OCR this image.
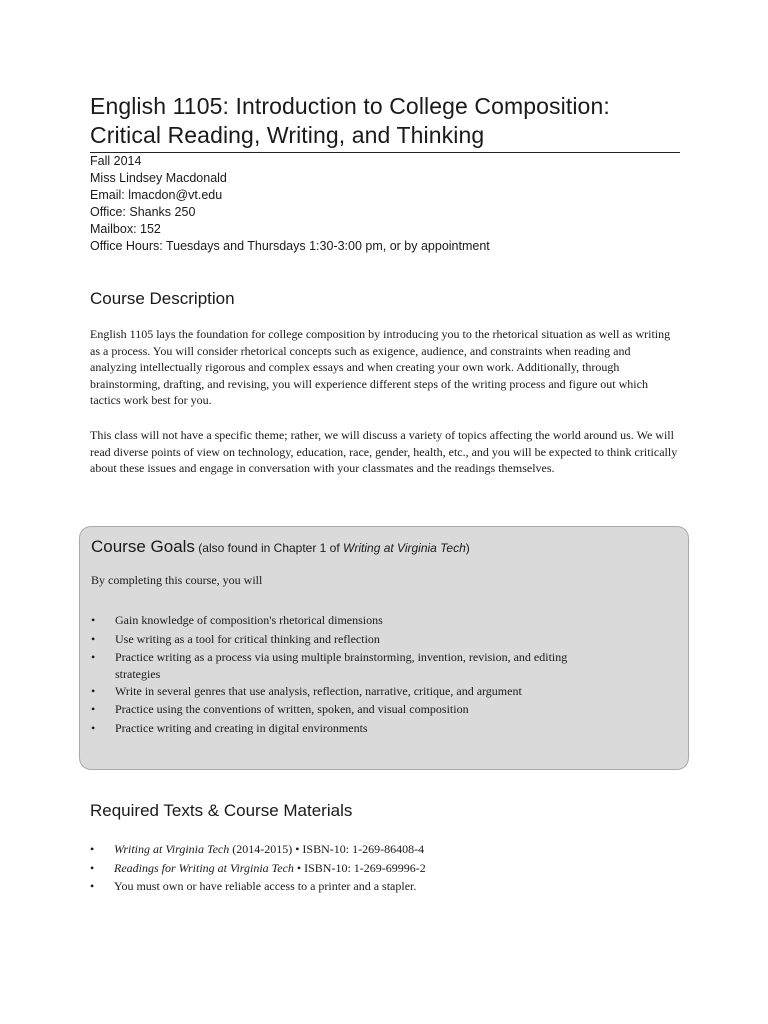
English 1105: Introduction to College Composition:
Critical Reading, Writing, and Thinking
Fall 2014
Miss Lindsey Macdonald
Email: lmacdon@vt.edu
Office: Shanks 250
Mailbox: 152
Office Hours: Tuesdays and Thursdays 1:30-3:00 pm, or by appointment
Course Description

English 1105 lays the foundation for college composition by introducing you to the rhetorical situation as well as writing as a process. You will consider rhetorical concepts such as exigence, audience, and constraints when reading and analyzing intellectually rigorous and complex essays and when creating your own work. Additionally, through brainstorming, drafting, and revising, you will experience different steps of the writing process and figure out which tactics work best for you.

This class will not have a specific theme; rather, we will discuss a variety of topics affecting the world around us. We will read diverse points of view on technology, education, race, gender, health, etc., and you will be expected to think critically about these issues and engage in conversation with your classmates and the readings themselves.

Course Goals (also found in Chapter 1 of Writing at Virginia Tech)

By completing this course, you will

• Gain knowledge of composition's rhetorical dimensions
• Use writing as a tool for critical thinking and reflection
• Practice writing as a process via using multiple brainstorming, invention, revision, and editing
strategies
• Write in several genres that use analysis, reflection, narrative, critique, and argument
• Practice using the conventions of written, spoken, and visual composition
• Practice writing and creating in digital environments
Required Texts & Course Materials
• Writing at Virginia Tech (2014-2015) • ISBN-10: 1-269-86408-4
• Readings for Writing at Virginia Tech • ISBN-10: 1-269-69996-2
• You must own or have reliable access to a printer and a stapler.
